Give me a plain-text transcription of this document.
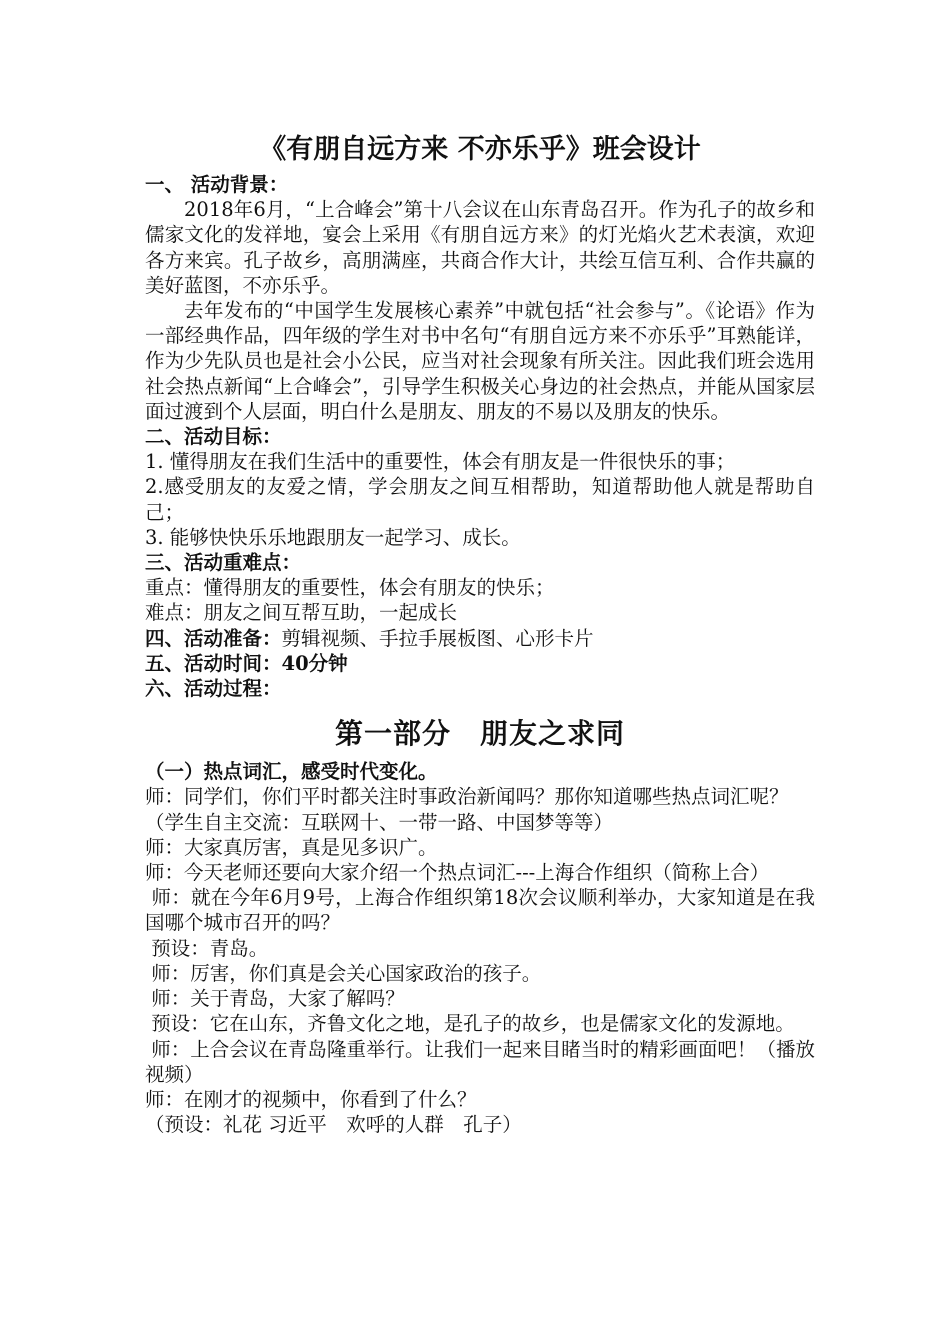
《有朋自远方来 不亦乐乎》班会设计
一、 活动背景：

2018年6月，“上合峰会”第十八会议在山东青岛召开。作为孔子的故乡和儒家文化的发祥地，宴会上采用《有朋自远方来》的灯光焰火艺术表演，欢迎各方来宾。孔子故乡，高朋满座，共商合作大计，共绘互信互利、合作共赢的美好蓝图，不亦乐乎。

去年发布的“中国学生发展核心素养”中就包括“社会参与”。《论语》作为一部经典作品，四年级的学生对书中名句“有朋自远方来不亦乐乎”耳熟能详，作为少先队员也是社会小公民，应当对社会现象有所关注。因此我们班会选用社会热点新闻“上合峰会”，引导学生积极关心身边的社会热点，并能从国家层面过渡到个人层面，明白什么是朋友、朋友的不易以及朋友的快乐。

二、活动目标：

1. 懂得朋友在我们生活中的重要性，体会有朋友是一件很快乐的事；

2.感受朋友的友爱之情，学会朋友之间互相帮助，知道帮助他人就是帮助自己；

3. 能够快快乐乐地跟朋友一起学习、成长。

三、活动重难点：

重点：懂得朋友的重要性，体会有朋友的快乐；

难点：朋友之间互帮互助，一起成长

四、活动准备：剪辑视频、手拉手展板图、心形卡片

五、活动时间：40分钟

六、活动过程：
第一部分　朋友之求同
（一）热点词汇，感受时代变化。

师：同学们，你们平时都关注时事政治新闻吗？那你知道哪些热点词汇呢？

（学生自主交流：互联网十、一带一路、中国梦等等）

师：大家真厉害，真是见多识广。

师：今天老师还要向大家介绍一个热点词汇---上海合作组织（简称上合）

师：就在今年6月9号，上海合作组织第18次会议顺利举办，大家知道是在我国哪个城市召开的吗？

预设：青岛。

师：厉害，你们真是会关心国家政治的孩子。

师：关于青岛，大家了解吗？

预设：它在山东，齐鲁文化之地，是孔子的故乡，也是儒家文化的发源地。

师：上合会议在青岛隆重举行。让我们一起来目睹当时的精彩画面吧！（播放视频）

师：在刚才的视频中，你看到了什么？

（预设：礼花 习近平　欢呼的人群　孔子）
